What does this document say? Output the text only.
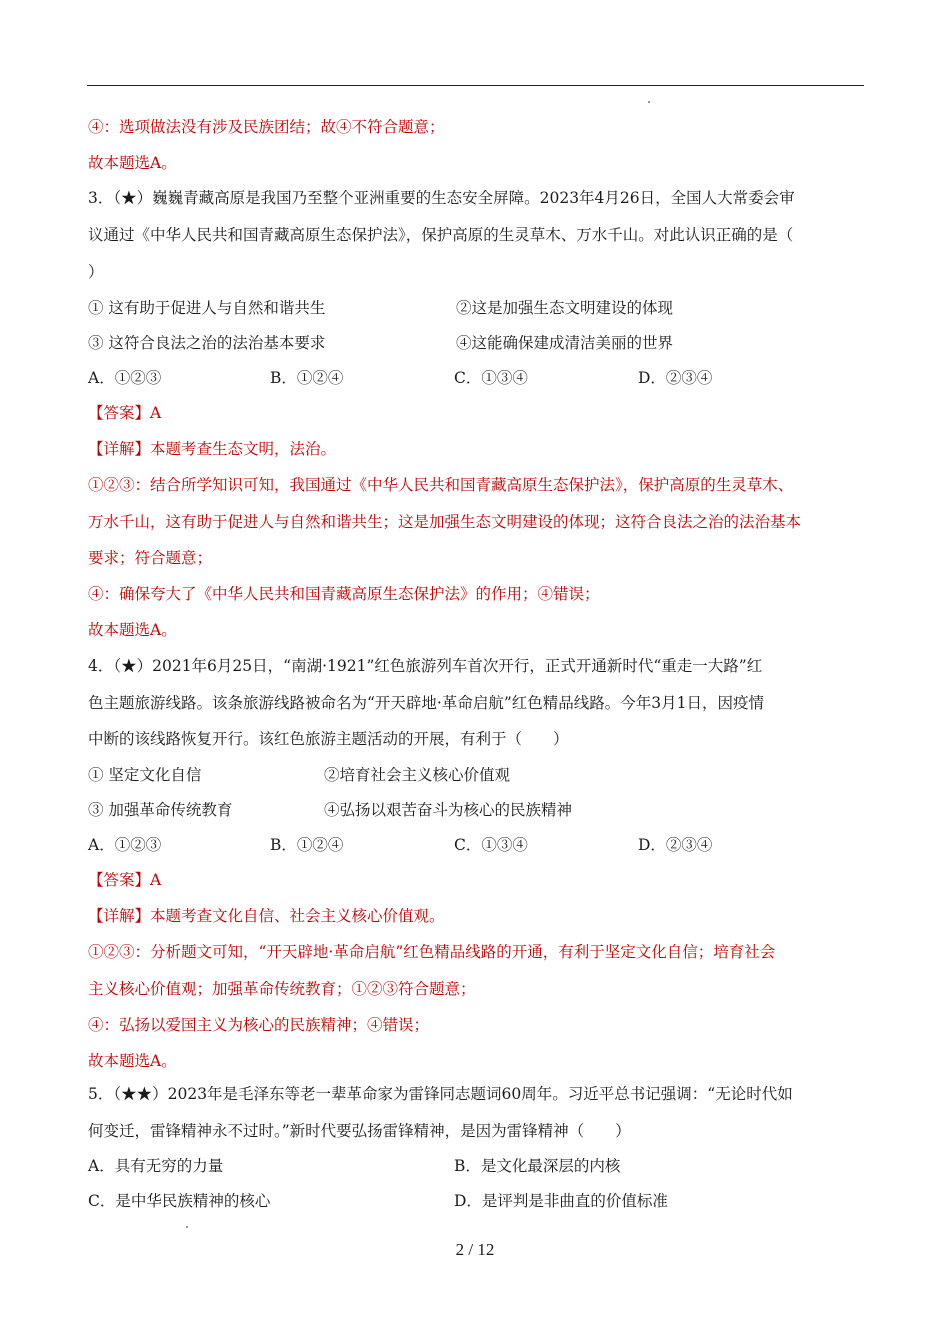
④：选项做法没有涉及民族团结；故④不符合题意；
故本题选A。
3．（★）巍巍青藏高原是我国乃至整个亚洲重要的生态安全屏障。2023年4月26日，全国人大常委会审
议通过《中华人民共和国青藏高原生态保护法》，保护高原的生灵草木、万水千山。对此认识正确的是（
）
① 这有助于促进人与自然和谐共生	②这是加强生态文明建设的体现
③ 这符合良法之治的法治基本要求	④这能确保建成清洁美丽的世界
A．①②③	B．①②④	C．①③④	D．②③④
【答案】A
【详解】本题考查生态文明，法治。
①②③：结合所学知识可知，我国通过《中华人民共和国青藏高原生态保护法》，保护高原的生灵草木、
万水千山，这有助于促进人与自然和谐共生；这是加强生态文明建设的体现；这符合良法之治的法治基本
要求；符合题意；
④：确保夸大了《中华人民共和国青藏高原生态保护法》的作用；④错误；
故本题选A。
4．（★）2021年6月25日，“南湖·1921”红色旅游列车首次开行，正式开通新时代“重走一大路”红
色主题旅游线路。该条旅游线路被命名为“开天辟地·革命启航”红色精品线路。今年3月1日，因疫情
中断的该线路恢复开行。该红色旅游主题活动的开展，有利于（　　）
① 坚定文化自信	②培育社会主义核心价值观
③ 加强革命传统教育	④弘扬以艰苦奋斗为核心的民族精神
A．①②③	B．①②④	C．①③④	D．②③④
【答案】A
【详解】本题考查文化自信、社会主义核心价值观。
①②③：分析题文可知，“开天辟地·革命启航”红色精品线路的开通，有利于坚定文化自信；培育社会
主义核心价值观；加强革命传统教育；①②③符合题意；
④：弘扬以爱国主义为核心的民族精神；④错误；
故本题选A。
5．（★★）2023年是毛泽东等老一辈革命家为雷锋同志题词60周年。习近平总书记强调：“无论时代如
何变迁，雷锋精神永不过时。”新时代要弘扬雷锋精神，是因为雷锋精神（　　）
A．具有无穷的力量	B．是文化最深层的内核
C．是中华民族精神的核心	D．是评判是非曲直的价值标准
2 / 12
